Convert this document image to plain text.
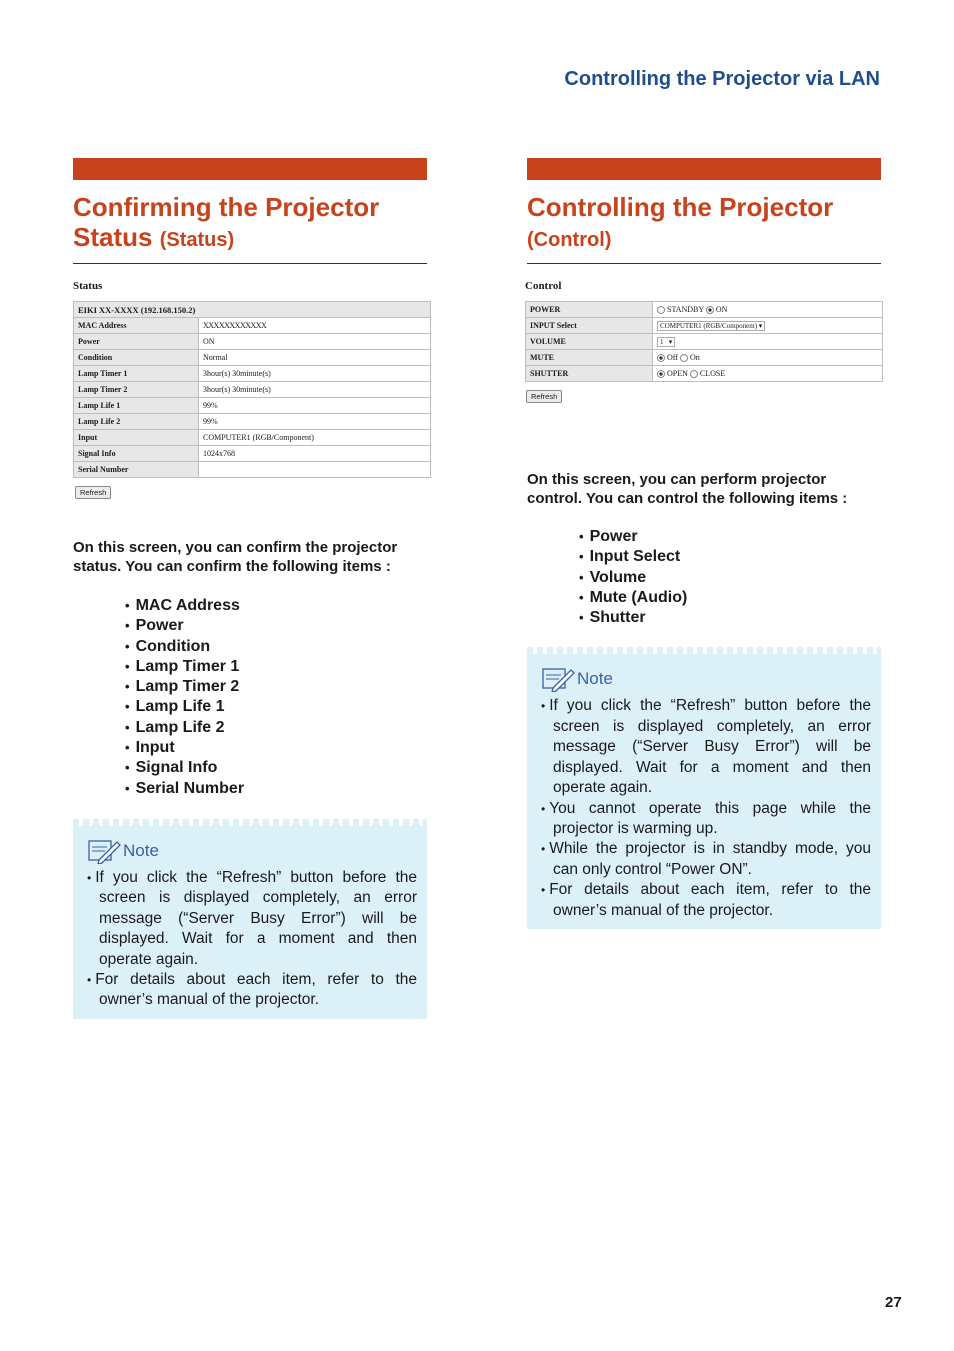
Controlling the Projector via LAN
Confirming the Projector Status (Status)
Status
EIKI XX-XXXX (192.168.150.2)	
MAC Address	XXXXXXXXXXXX
Power	ON
Condition	Normal
Lamp Timer 1	3hour(s) 30minute(s)
Lamp Timer 2	3hour(s) 30minute(s)
Lamp Life 1	99%
Lamp Life 2	99%
Input	COMPUTER1 (RGB/Component)
Signal Info	1024x768
Serial Number	
Refresh
On this screen, you can confirm the projector status. You can confirm the following items :
• MAC Address
• Power
• Condition
• Lamp Timer 1
• Lamp Timer 2
• Lamp Life 1
• Lamp Life 2
• Input
• Signal Info
• Serial Number
Note
• If you click the “Refresh” button before the screen is displayed completely, an error message (“Server Busy Error”) will be displayed. Wait for a moment and then operate again.
• For details about each item, refer to the owner’s manual of the projector.
Controlling the Projector
(Control)
Control
POWER	STANDBY ON
INPUT Select	COMPUTER1 (RGB/Component) ▾
VOLUME	1   ▾
MUTE	Off On
SHUTTER	OPEN CLOSE
Refresh
On this screen, you can perform projector control. You can control the following items :
• Power
• Input Select
• Volume
• Mute (Audio)
• Shutter
Note
• If you click the “Refresh” button before the screen is displayed completely, an error message (“Server Busy Error”) will be displayed. Wait for a moment and then operate again.
• You cannot operate this page while the projector is warming up.
• While the projector is in standby mode, you can only control “Power ON”.
• For details about each item, refer to the owner’s manual of the projector.
27
